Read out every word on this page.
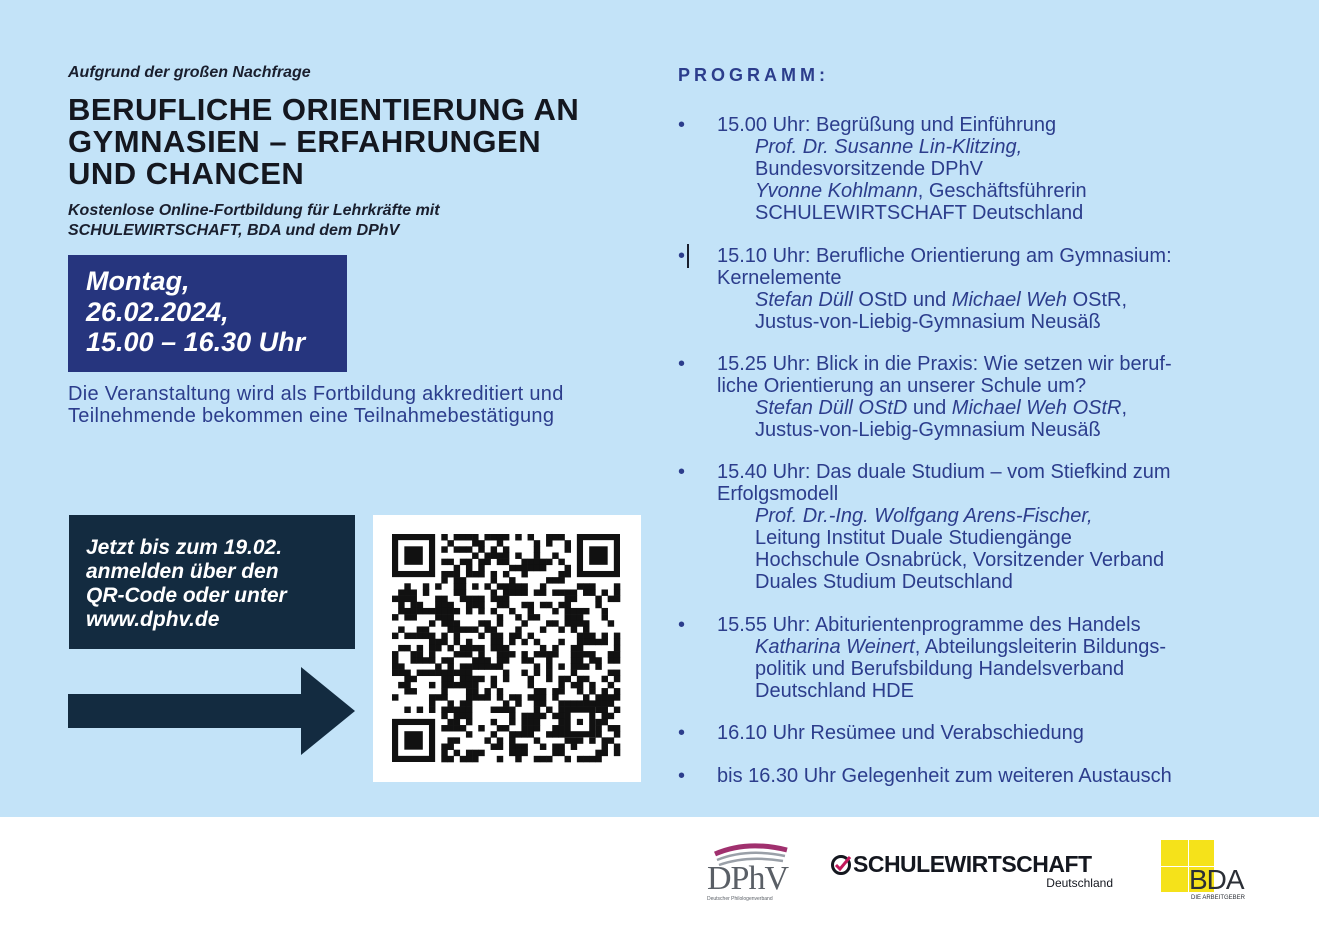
Aufgrund der großen Nachfrage
BERUFLICHE ORIENTIERUNG AN
GYMNASIEN – ERFAHRUNGEN
UND CHANCEN
Kostenlose Online-Fortbildung für Lehrkräfte mit
SCHULEWIRTSCHAFT, BDA und dem DPhV
Montag,
26.02.2024,
15.00 – 16.30 Uhr
Die Veranstaltung wird als Fortbildung akkreditiert und
Teilnehmende bekommen eine Teilnahmebestätigung
Jetzt bis zum 19.02.
anmelden über den
QR-Code oder unter
www.dphv.de
PROGRAMM:
•	15.00 Uhr: Begrüßung und Einführung
Prof. Dr. Susanne Lin-Klitzing,
Bundesvorsitzende DPhV
Yvonne Kohlmann, Geschäftsführerin
SCHULEWIRTSCHAFT Deutschland
•	15.10 Uhr: Berufliche Orientierung am Gymnasium:
Kernelemente
Stefan Düll OStD und Michael Weh OStR,
Justus-von-Liebig-Gymnasium Neusäß
•	15.25 Uhr: Blick in die Praxis: Wie setzen wir beruf-
liche Orientierung an unserer Schule um?
Stefan Düll OStD und Michael Weh OStR,
Justus-von-Liebig-Gymnasium Neusäß
•	15.40 Uhr: Das duale Studium – vom Stiefkind zum
Erfolgsmodell
Prof. Dr.-Ing. Wolfgang Arens-Fischer,
Leitung Institut Duale Studiengänge
Hochschule Osnabrück, Vorsitzender Verband
Duales Studium Deutschland
•	15.55 Uhr: Abiturientenprogramme des Handels
Katharina Weinert, Abteilungsleiterin Bildungs-
politik und Berufsbildung Handelsverband
Deutschland HDE
•	16.10 Uhr Resümee und Verabschiedung
•	bis 16.30 Uhr Gelegenheit zum weiteren Austausch
DPhV
Deutscher Philologenverband
SCHULEWIRTSCHAFT
Deutschland	BDA
DIE ARBEITGEBER
